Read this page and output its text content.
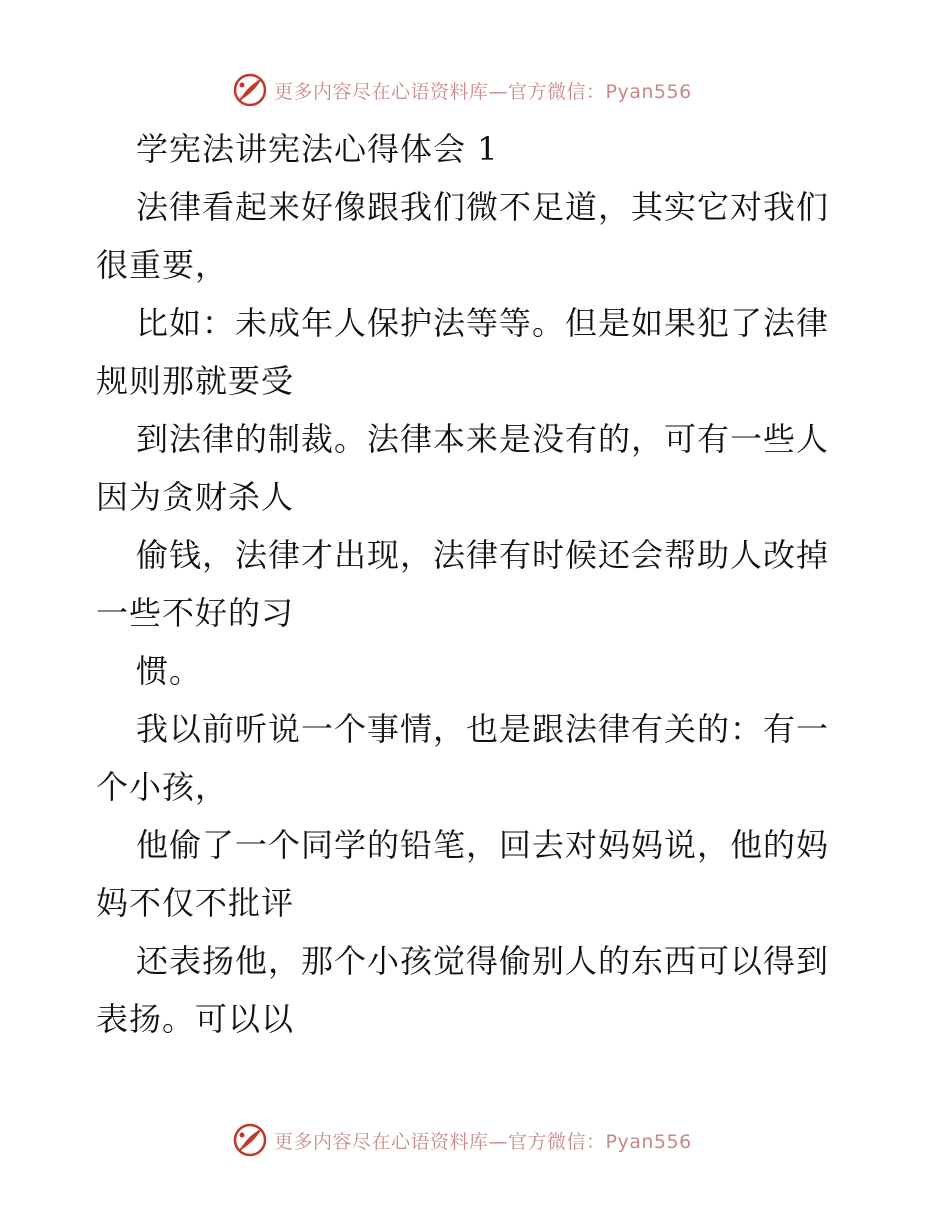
更多内容尽在心语资料库—官方微信：Pyan556
学宪法讲宪法心得体会 1
法律看起来好像跟我们微不足道，其实它对我们
很重要，
比如：未成年人保护法等等。但是如果犯了法律
规则那就要受
到法律的制裁。法律本来是没有的，可有一些人
因为贪财杀人
偷钱，法律才出现，法律有时候还会帮助人改掉
一些不好的习
惯。
我以前听说一个事情，也是跟法律有关的：有一
个小孩，
他偷了一个同学的铅笔，回去对妈妈说，他的妈
妈不仅不批评
还表扬他，那个小孩觉得偷别人的东西可以得到
表扬。可以以
更多内容尽在心语资料库—官方微信：Pyan556
